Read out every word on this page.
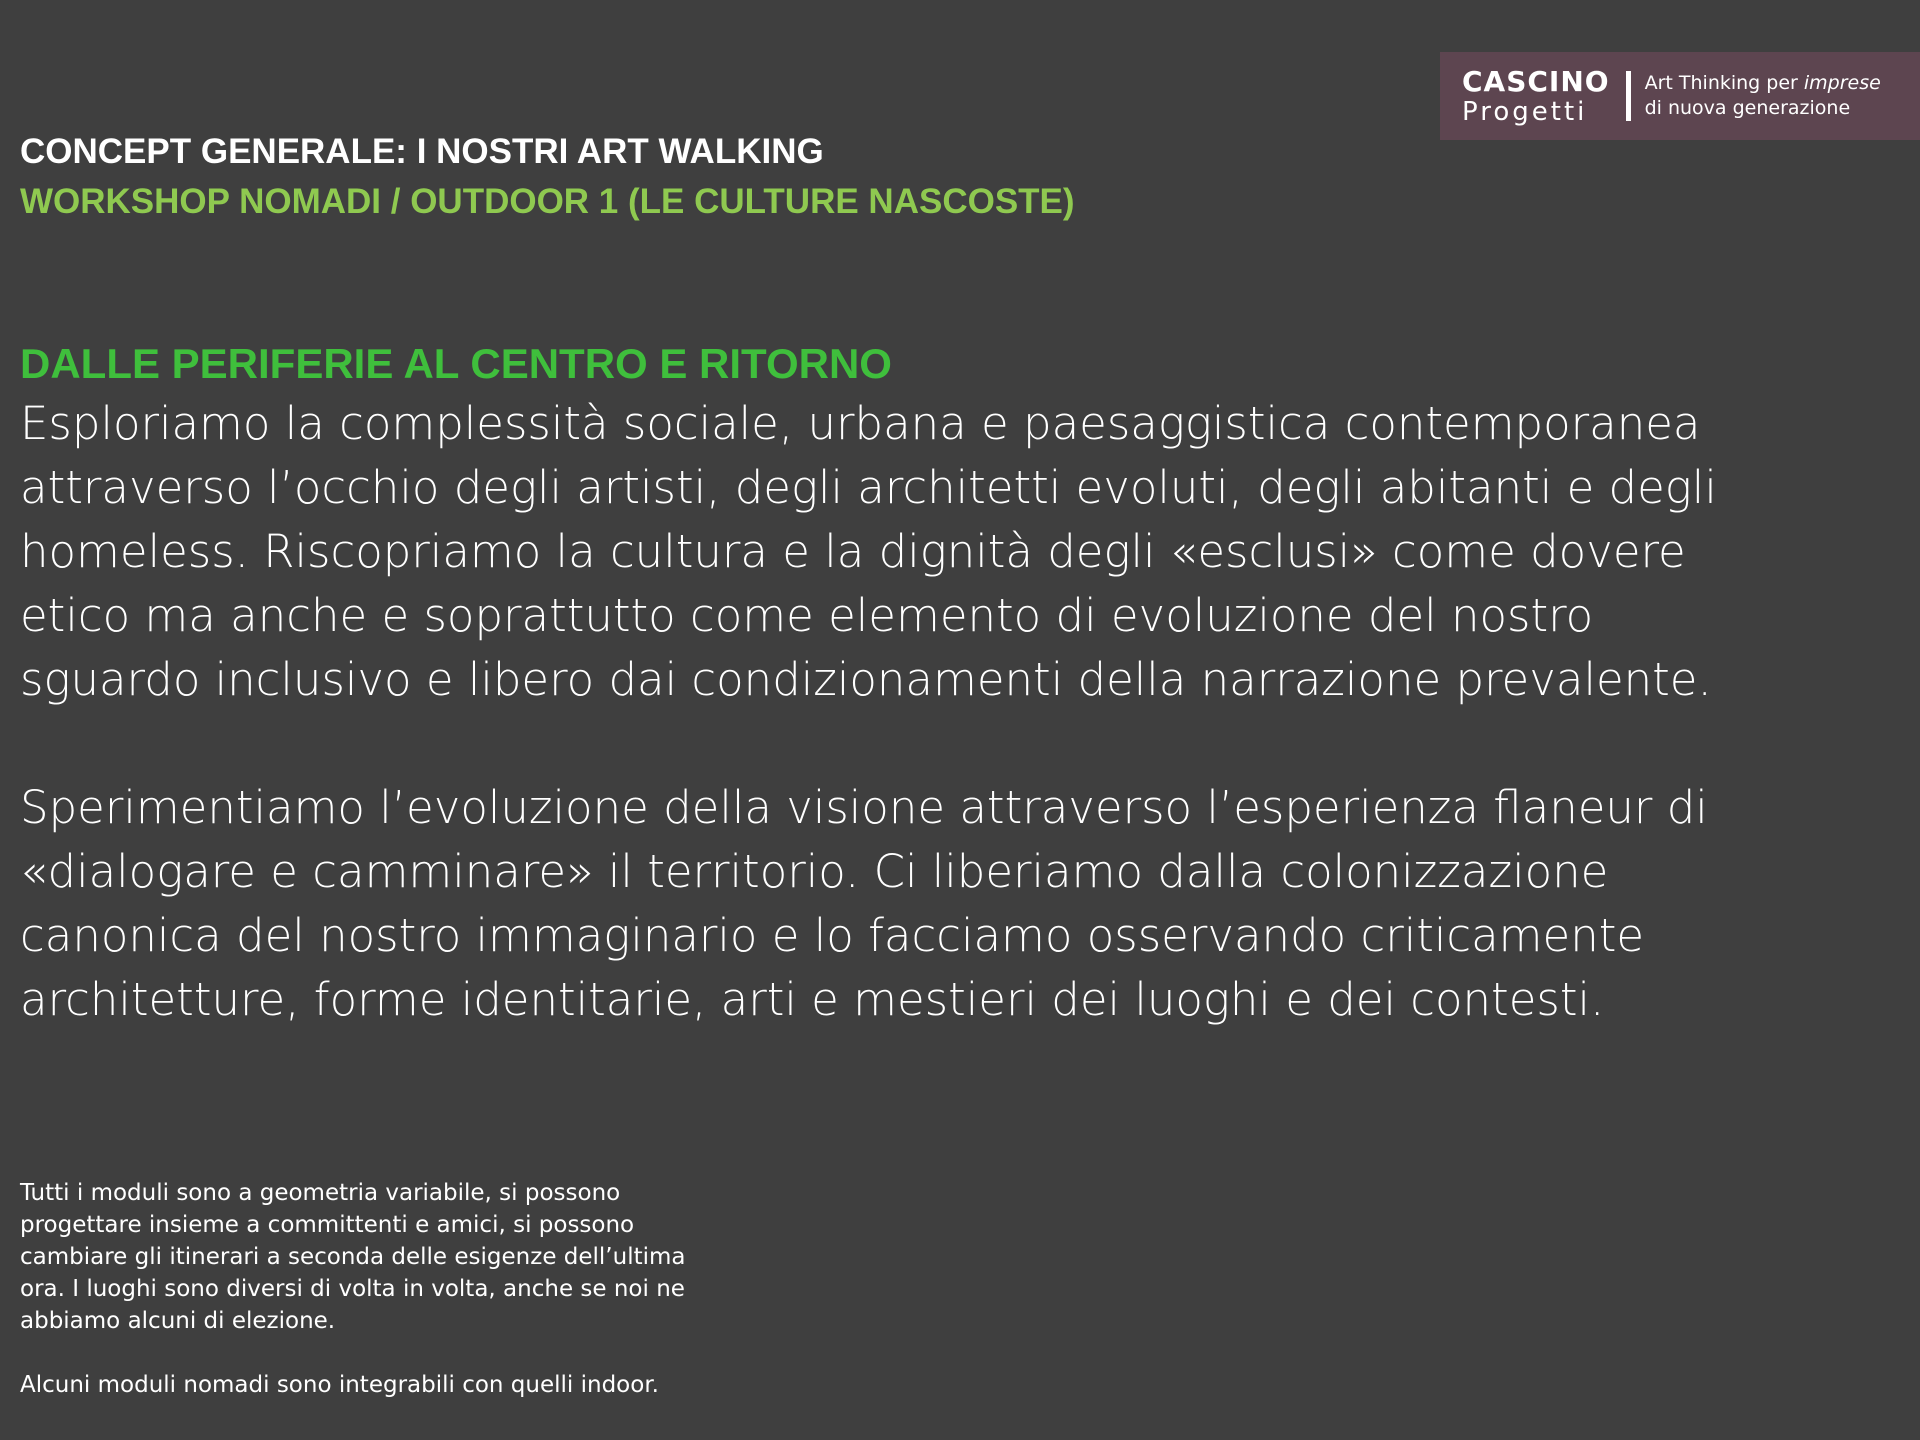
CASCINO
Progetti
Art Thinking per imprese
di nuova generazione
CONCEPT GENERALE: I NOSTRI ART WALKING
WORKSHOP NOMADI / OUTDOOR 1 (LE CULTURE NASCOSTE)
DALLE PERIFERIE AL CENTRO E RITORNO

Esploriamo la complessità sociale, urbana e paesaggistica contemporanea
attraverso l’occhio degli artisti, degli architetti evoluti, degli abitanti e degli
homeless. Riscopriamo la cultura e la dignità degli «esclusi» come dovere
etico ma anche e soprattutto come elemento di evoluzione del nostro
sguardo inclusivo e libero dai condizionamenti della narrazione prevalente.

Sperimentiamo l’evoluzione della visione attraverso l’esperienza flaneur di
«dialogare e camminare» il territorio. Ci liberiamo dalla colonizzazione
canonica del nostro immaginario e lo facciamo osservando criticamente
architetture, forme identitarie, arti e mestieri dei luoghi e dei contesti.

Tutti i moduli sono a geometria variabile, si possono
progettare insieme a committenti e amici, si possono
cambiare gli itinerari a seconda delle esigenze dell’ultima
ora. I luoghi sono diversi di volta in volta, anche se noi ne
abbiamo alcuni di elezione.

Alcuni moduli nomadi sono integrabili con quelli indoor.
